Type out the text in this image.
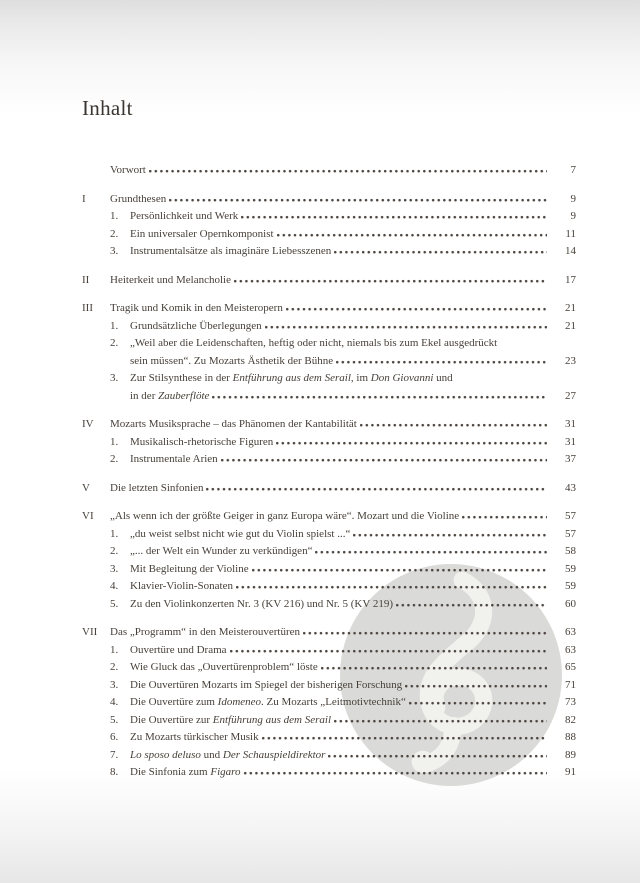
Inhalt
Vorwort	7
I	Grundthesen	9
1.	Persönlichkeit und Werk	9
2.	Ein universaler Opernkomponist	11
3.	Instrumentalsätze als imaginäre Liebesszenen	14
II	Heiterkeit und Melancholie	17
III	Tragik und Komik in den Meisteropern	21
1.	Grundsätzliche Überlegungen	21
2.	„Weil aber die Leidenschaften, heftig oder nicht, niemals bis zum Ekel ausgedrückt
sein müssen“. Zu Mozarts Ästhetik der Bühne	23
3.	Zur Stilsynthese in der Entführung aus dem Serail, im Don Giovanni und
in der Zauberflöte	27
IV	Mozarts Musiksprache – das Phänomen der Kantabilität	31
1.	Musikalisch-rhetorische Figuren	31
2.	Instrumentale Arien	37
V	Die letzten Sinfonien	43
VI	„Als wenn ich der größte Geiger in ganz Europa wäre“. Mozart und die Violine	57
1.	„du weist selbst nicht wie gut du Violin spielst ...“	57
2.	„... der Welt ein Wunder zu verkündigen“	58
3.	Mit Begleitung der Violine	59
4.	Klavier-Violin-Sonaten	59
5.	Zu den Violinkonzerten Nr. 3 (KV 216) und Nr. 5 (KV 219)	60
VII	Das „Programm“ in den Meisterouvertüren	63
1.	Ouvertüre und Drama	63
2.	Wie Gluck das „Ouvertürenproblem“ löste	65
3.	Die Ouvertüren Mozarts im Spiegel der bisherigen Forschung	71
4.	Die Ouvertüre zum Idomeneo. Zu Mozarts „Leitmotivtechnik“	73
5.	Die Ouvertüre zur Entführung aus dem Serail	82
6.	Zu Mozarts türkischer Musik	88
7.	Lo sposo deluso und Der Schauspieldirektor	89
8.	Die Sinfonia zum Figaro	91
